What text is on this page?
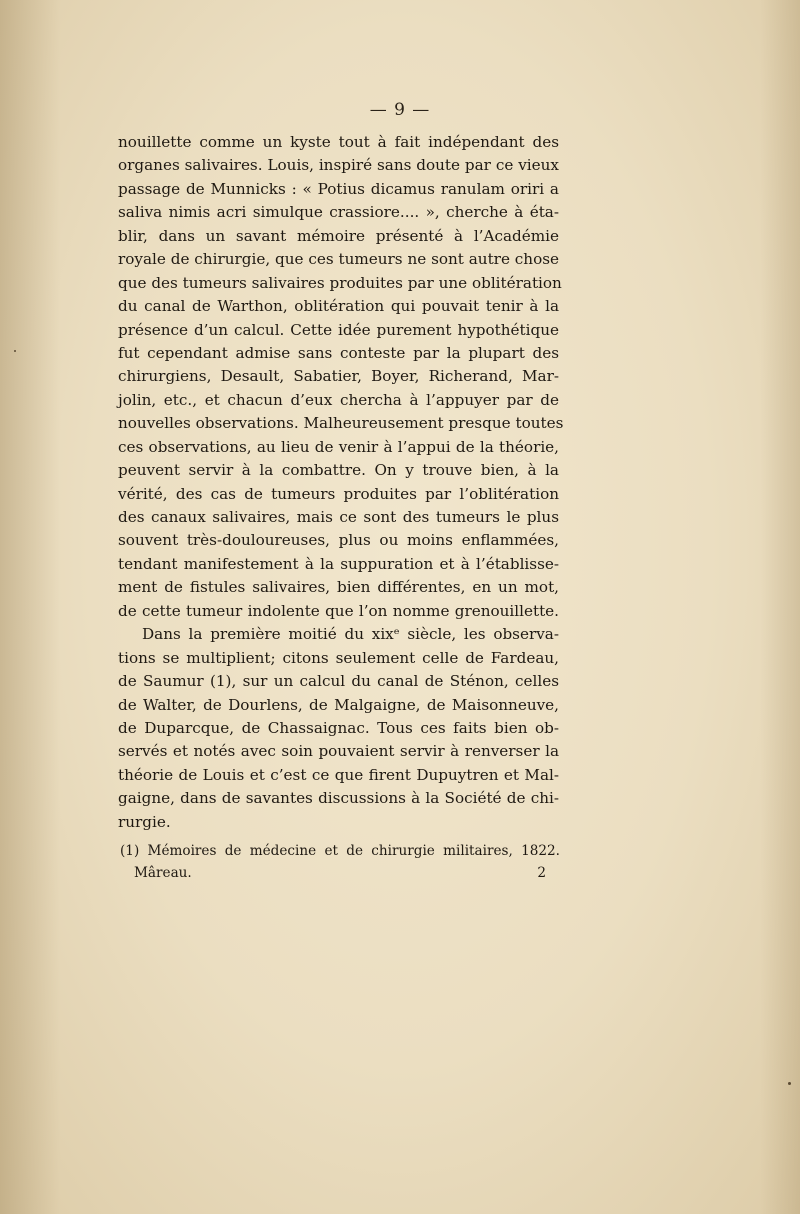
— 9 —
nouillette comme un kyste tout à fait indépendant des
organes salivaires. Louis, inspiré sans doute par ce vieux
passage de Munnicks : « Potius dicamus ranulam oriri a
saliva nimis acri simulque crassiore.... », cherche à éta-
blir, dans un savant mémoire présenté à l’Académie
royale de chirurgie, que ces tumeurs ne sont autre chose
que des tumeurs salivaires produites par une oblitération
du canal de Warthon, oblitération qui pouvait tenir à la
présence d’un calcul. Cette idée purement hypothétique
fut cependant admise sans conteste par la plupart des
chirurgiens, Desault, Sabatier, Boyer, Richerand, Mar-
jolin, etc., et chacun d’eux chercha à l’appuyer par de
nouvelles observations. Malheureusement presque toutes
ces observations, au lieu de venir à l’appui de la théorie,
peuvent servir à la combattre. On y trouve bien, à la
vérité, des cas de tumeurs produites par l’oblitération
des canaux salivaires, mais ce sont des tumeurs le plus
souvent très-douloureuses, plus ou moins enflammées,
tendant manifestement à la suppuration et à l’établisse-
ment de fistules salivaires, bien différentes, en un mot,
de cette tumeur indolente que l’on nomme grenouillette.
Dans la première moitié du xixᵉ siècle, les observa-
tions se multiplient; citons seulement celle de Fardeau,
de Saumur (1), sur un calcul du canal de Sténon, celles
de Walter, de Dourlens, de Malgaigne, de Maisonneuve,
de Duparcque, de Chassaignac. Tous ces faits bien ob-
servés et notés avec soin pouvaient servir à renverser la
théorie de Louis et c’est ce que firent Dupuytren et Mal-
gaigne, dans de savantes discussions à la Société de chi-
rurgie.
(1) Mémoires de médecine et de chirurgie militaires, 1822.
Mâreau.	2
